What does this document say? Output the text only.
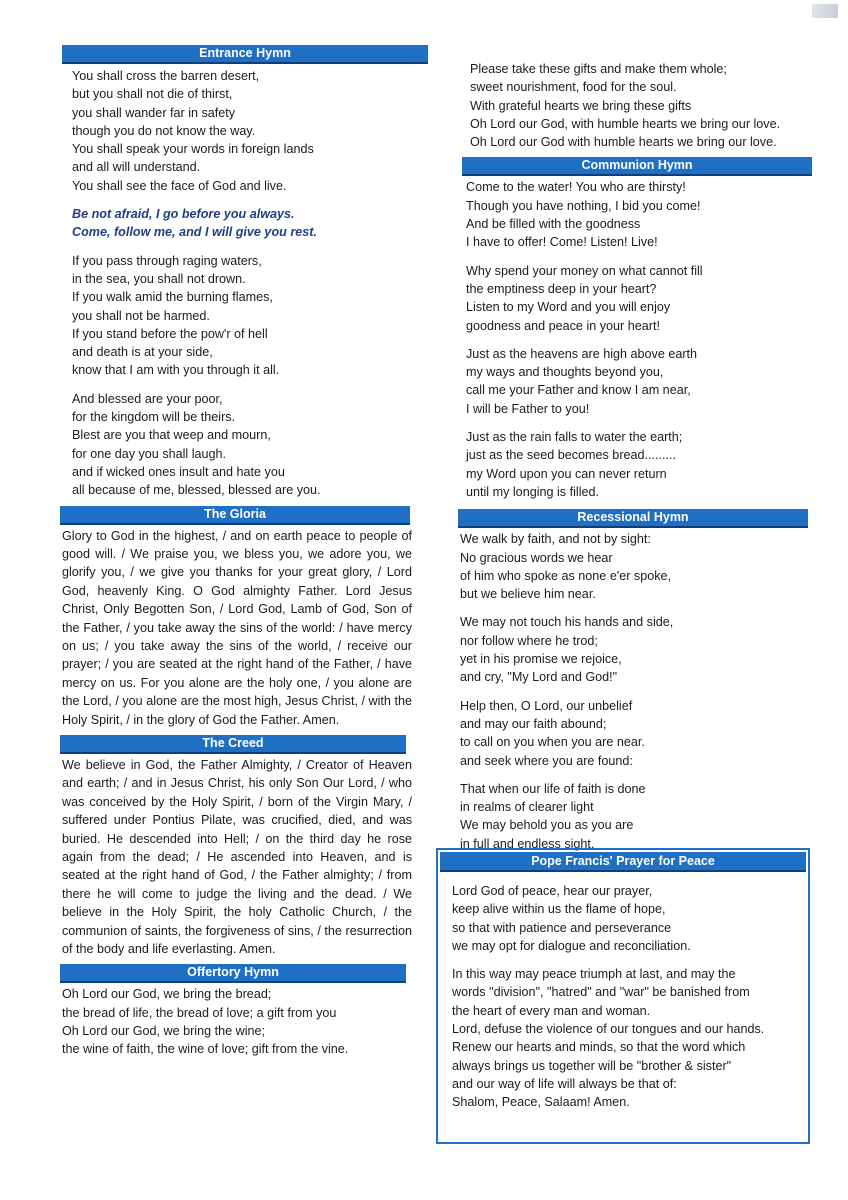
Entrance Hymn
You shall cross the barren desert,
but you shall not die of thirst,
you shall wander far in safety
though you do not know the way.
You shall speak your words in foreign lands
and all will understand.
You shall see the face of God and live.
Be not afraid, I go before you always.
Come, follow me, and I will give you rest.
If you pass through raging waters,
in the sea, you shall not drown.
If you walk amid the burning flames,
you shall not be harmed.
If you stand before the pow'r of hell
and death is at your side,
know that I am with you through it all.
And blessed are your poor,
for the kingdom will be theirs.
Blest are you that weep and mourn,
for one day you shall laugh.
and if wicked ones insult and hate you
all because of me, blessed, blessed are you.
The Gloria

Glory to God in the highest, / and on earth peace to people of good will. / We praise you, we bless you, we adore you, we glorify you, / we give you thanks for your great glory, / Lord God, heavenly King. O God almighty Father. Lord Jesus Christ, Only Begotten Son, / Lord God, Lamb of God, Son of the Father, / you take away the sins of the world: / have mercy on us; / you take away the sins of the world, / receive our prayer; / you are seated at the right hand of the Father, / have mercy on us. For you alone are the holy one, / you alone are the Lord, / you alone are the most high, Jesus Christ, / with the Holy Spirit, / in the glory of God the Father. Amen.

The Creed

We believe in God, the Father Almighty, / Creator of Heaven and earth; / and in Jesus Christ, his only Son Our Lord, / who was conceived by the Holy Spirit, / born of the Virgin Mary, / suffered under Pontius Pilate, was crucified, died, and was buried. He descended into Hell; / on the third day he rose again from the dead; / He ascended into Heaven, and is seated at the right hand of God, / the Father almighty; / from there he will come to judge the living and the dead. / We believe in the Holy Spirit, the holy Catholic Church, / the communion of saints, the forgiveness of sins, / the resurrection of the body and life everlasting. Amen.

Offertory Hymn
Oh Lord our God, we bring the bread;
the bread of life, the bread of love; a gift from you
Oh Lord our God, we bring the wine;
the wine of faith, the wine of love; gift from the vine.
Please take these gifts and make them whole;
sweet nourishment, food for the soul.
With grateful hearts we bring these gifts
Oh Lord our God, with humble hearts we bring our love.
Oh Lord our God with humble hearts we bring our love.
Communion Hymn
Come to the water! You who are thirsty!
Though you have nothing, I bid you come!
And be filled with the goodness
I have to offer! Come! Listen! Live!
Why spend your money on what cannot fill
the emptiness deep in your heart?
Listen to my Word and you will enjoy
goodness and peace in your heart!
Just as the heavens are high above earth
my ways and thoughts beyond you,
call me your Father and know I am near,
I will be Father to you!
Just as the rain falls to water the earth;
just as the seed becomes bread.........
my Word upon you can never return
until my longing is filled.
Recessional Hymn
We walk by faith, and not by sight:
No gracious words we hear
of him who spoke as none e'er spoke,
but we believe him near.
We may not touch his hands and side,
nor follow where he trod;
yet in his promise we rejoice,
and cry, "My Lord and God!"
Help then, O Lord, our unbelief
and may our faith abound;
to call on you when you are near.
and seek where you are found:
That when our life of faith is done
in realms of clearer light
We may behold you as you are
in full and endless sight.
Pope Francis' Prayer for Peace
Lord God of peace, hear our prayer,
keep alive within us the flame of hope,
so that with patience and perseverance
we may opt for dialogue and reconciliation.
In this way may peace triumph at last, and may the
words "division", "hatred" and "war" be banished from
the heart of every man and woman.
Lord, defuse the violence of our tongues and our hands.
Renew our hearts and minds, so that the word which
always brings us together will be "brother & sister"
and our way of life will always be that of:
Shalom, Peace, Salaam! Amen.
